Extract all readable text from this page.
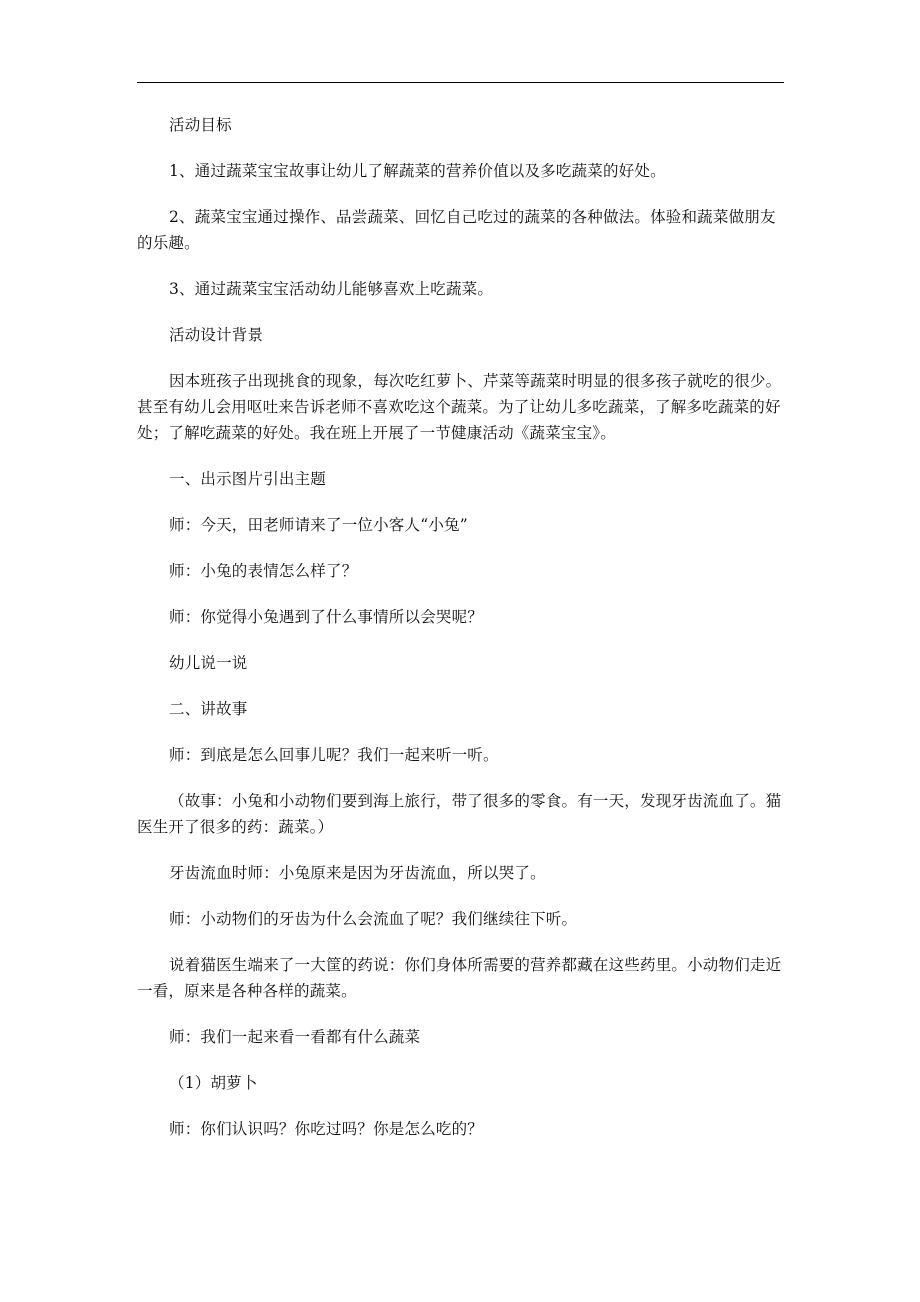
活动目标

1、通过蔬菜宝宝故事让幼儿了解蔬菜的营养价值以及多吃蔬菜的好处。

2、蔬菜宝宝通过操作、品尝蔬菜、回忆自己吃过的蔬菜的各种做法。体验和蔬菜做朋友的乐趣。

3、通过蔬菜宝宝活动幼儿能够喜欢上吃蔬菜。

活动设计背景

因本班孩子出现挑食的现象，每次吃红萝卜、芹菜等蔬菜时明显的很多孩子就吃的很少。甚至有幼儿会用呕吐来告诉老师不喜欢吃这个蔬菜。为了让幼儿多吃蔬菜，了解多吃蔬菜的好处；了解吃蔬菜的好处。我在班上开展了一节健康活动《蔬菜宝宝》。

一、出示图片引出主题

师：今天，田老师请来了一位小客人“小兔”

师：小兔的表情怎么样了？

师：你觉得小兔遇到了什么事情所以会哭呢？

幼儿说一说

二、讲故事

师：到底是怎么回事儿呢？我们一起来听一听。

（故事：小兔和小动物们要到海上旅行，带了很多的零食。有一天，发现牙齿流血了。猫医生开了很多的药：蔬菜。）

牙齿流血时师：小兔原来是因为牙齿流血，所以哭了。

师：小动物们的牙齿为什么会流血了呢？我们继续往下听。

说着猫医生端来了一大筐的药说：你们身体所需要的营养都藏在这些药里。小动物们走近一看，原来是各种各样的蔬菜。

师：我们一起来看一看都有什么蔬菜

（1）胡萝卜

师：你们认识吗？你吃过吗？你是怎么吃的？
